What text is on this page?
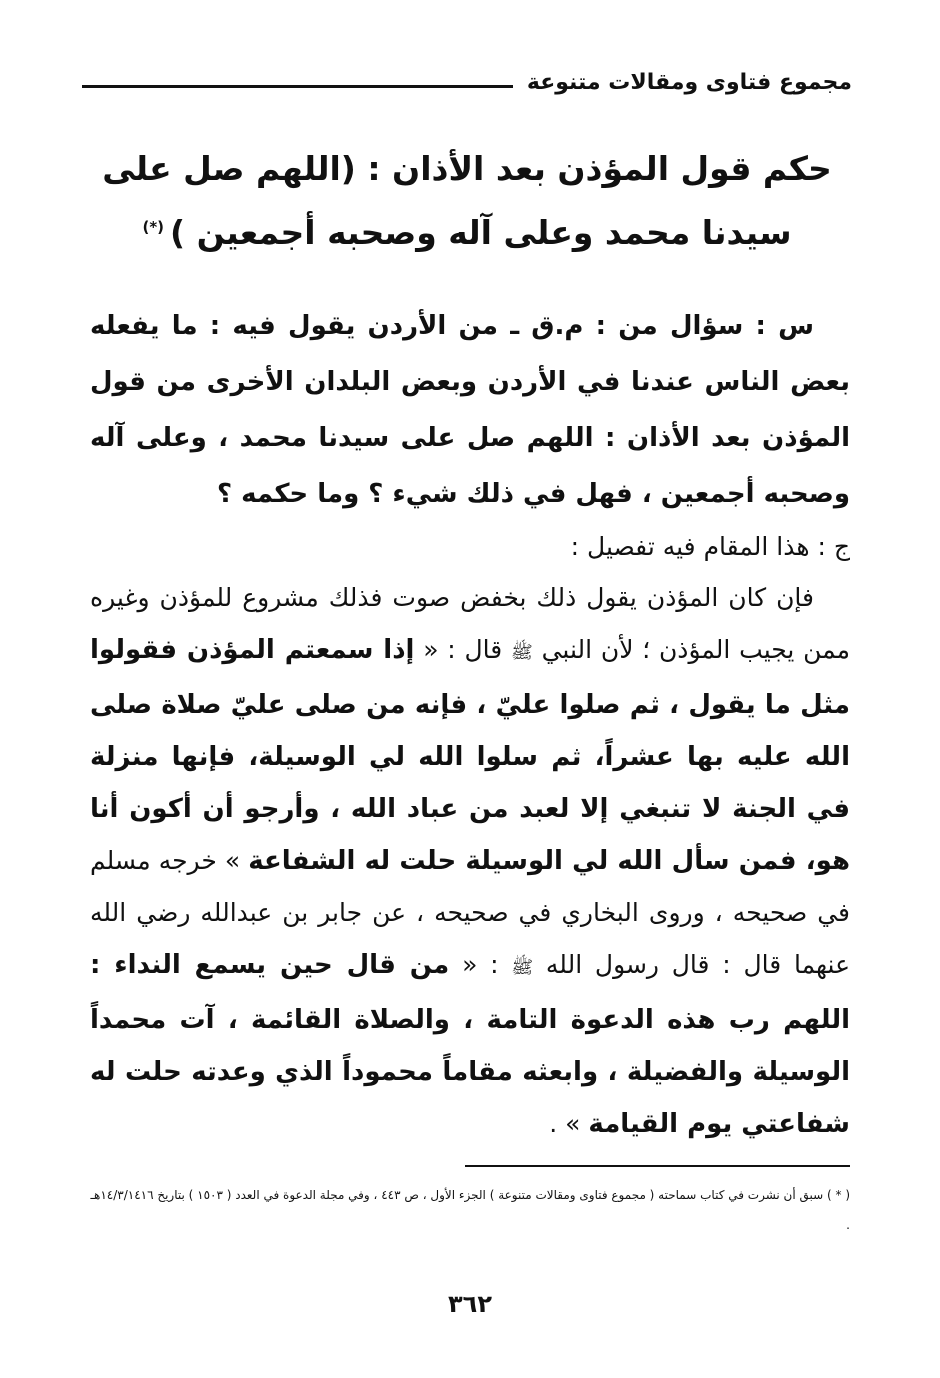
مجموع فتاوى ومقالات متنوعة
حكم قول المؤذن بعد الأذان : (اللهم صل على سيدنا محمد وعلى آله وصحبه أجمعين )(*)

س : سؤال من : م.ق ـ من الأردن يقول فيه : ما يفعله بعض الناس عندنا في الأردن وبعض البلدان الأخرى من قول المؤذن بعد الأذان : اللهم صل على سيدنا محمد ، وعلى آله وصحبه أجمعين ، فهل في ذلك شيء ؟ وما حكمه ؟

ج : هذا المقام فيه تفصيل :

فإن كان المؤذن يقول ذلك بخفض صوت فذلك مشروع للمؤذن وغيره ممن يجيب المؤذن ؛ لأن النبي ﷺ قال : « إذا سمعتم المؤذن فقولوا مثل ما يقول ، ثم صلوا عليّ ، فإنه من صلى عليّ صلاة صلى الله عليه بها عشراً، ثم سلوا الله لي الوسيلة، فإنها منزلة في الجنة لا تنبغي إلا لعبد من عباد الله ، وأرجو أن أكون أنا هو، فمن سأل الله لي الوسيلة حلت له الشفاعة » خرجه مسلم في صحيحه ، وروى البخاري في صحيحه ، عن جابر بن عبدالله رضي الله عنهما قال : قال رسول الله ﷺ : « من قال حين يسمع النداء : اللهم رب هذه الدعوة التامة ، والصلاة القائمة ، آت محمداً الوسيلة والفضيلة ، وابعثه مقاماً محموداً الذي وعدته حلت له شفاعتي يوم القيامة » .

( * ) سبق أن نشرت في كتاب سماحته ( مجموع فتاوى ومقالات متنوعة ) الجزء الأول ، ص ٤٤٣ ، وفي مجلة الدعوة في العدد ( ١٥٠٣ ) بتاريخ ١٤/٣/١٤١٦هـ .
٣٦٢
